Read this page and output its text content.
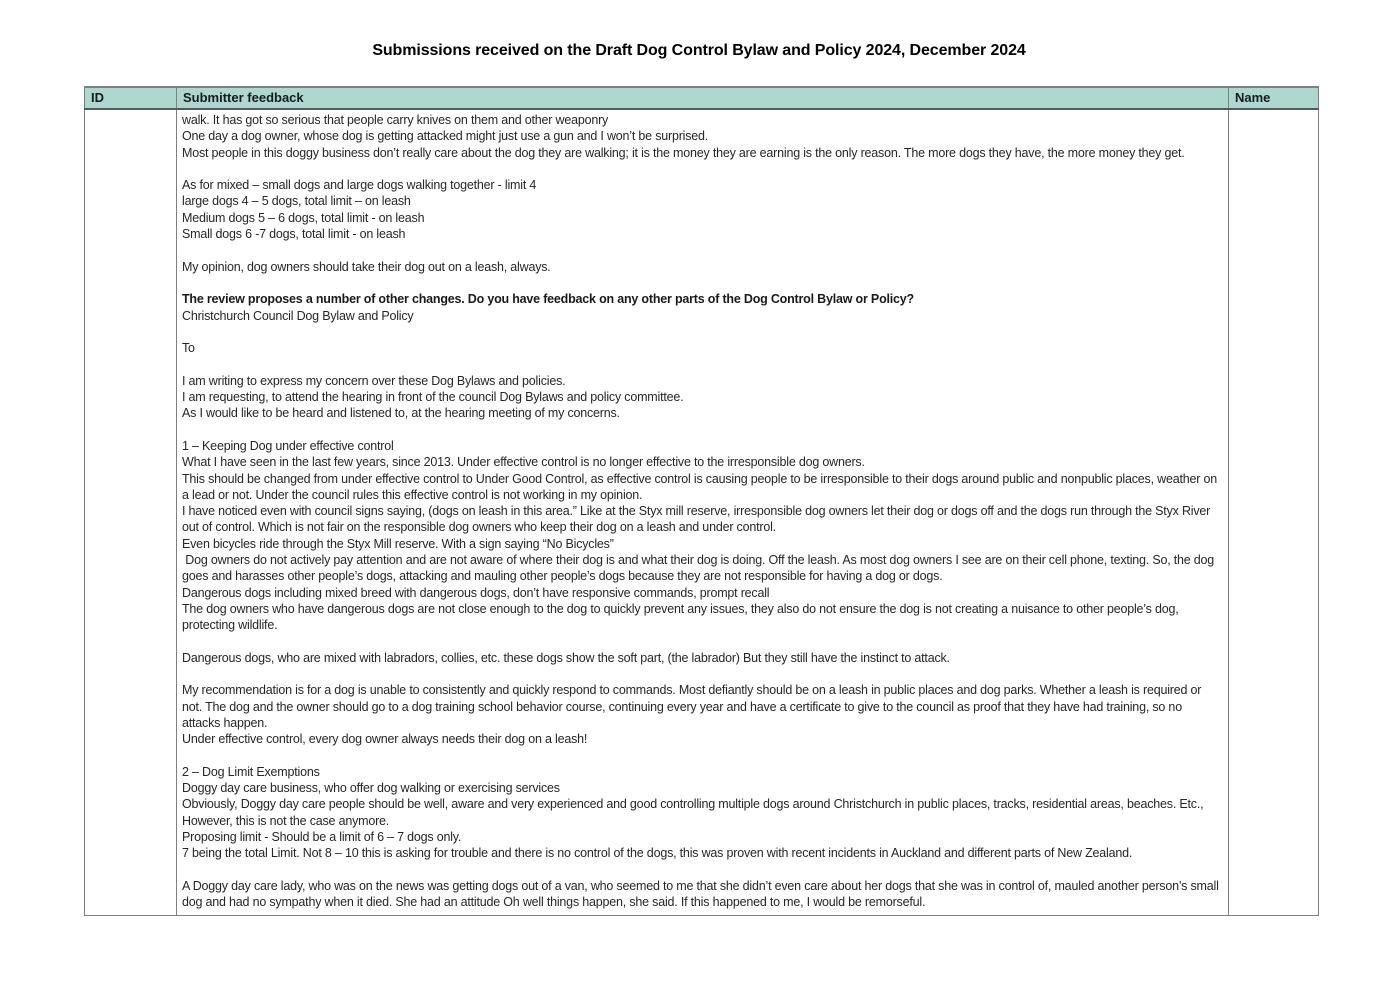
Submissions received on the Draft Dog Control Bylaw and Policy 2024, December 2024
ID	Submitter feedback	Name

walk. It has got so serious that people carry knives on them and other weaponry

One day a dog owner, whose dog is getting attacked might just use a gun and I won’t be surprised.

Most people in this doggy business don’t really care about the dog they are walking; it is the money they are earning is the only reason. The more dogs they have, the more money they get.

As for mixed – small dogs and large dogs walking together - limit 4

large dogs 4 – 5 dogs, total limit – on leash

Medium dogs 5 – 6 dogs, total limit - on leash

Small dogs 6 -7 dogs, total limit - on leash

My opinion, dog owners should take their dog out on a leash, always.

The review proposes a number of other changes. Do you have feedback on any other parts of the Dog Control Bylaw or Policy?

Christchurch Council Dog Bylaw and Policy

To

I am writing to express my concern over these Dog Bylaws and policies.

I am requesting, to attend the hearing in front of the council Dog Bylaws and policy committee.

As I would like to be heard and listened to, at the hearing meeting of my concerns.

1 – Keeping Dog under effective control

What I have seen in the last few years, since 2013. Under effective control is no longer effective to the irresponsible dog owners.

This should be changed from under effective control to Under Good Control, as effective control is causing people to be irresponsible to their dogs around public and nonpublic places, weather on a lead or not. Under the council rules this effective control is not working in my opinion.

I have noticed even with council signs saying, (dogs on leash in this area.” Like at the Styx mill reserve, irresponsible dog owners let their dog or dogs off and the dogs run through the Styx River out of control. Which is not fair on the responsible dog owners who keep their dog on a leash and under control.

Even bicycles ride through the Styx Mill reserve. With a sign saying “No Bicycles”

Dog owners do not actively pay attention and are not aware of where their dog is and what their dog is doing. Off the leash. As most dog owners I see are on their cell phone, texting. So, the dog goes and harasses other people’s dogs, attacking and mauling other people’s dogs because they are not responsible for having a dog or dogs.

Dangerous dogs including mixed breed with dangerous dogs, don’t have responsive commands, prompt recall

The dog owners who have dangerous dogs are not close enough to the dog to quickly prevent any issues, they also do not ensure the dog is not creating a nuisance to other people’s dog, protecting wildlife.

Dangerous dogs, who are mixed with labradors, collies, etc. these dogs show the soft part, (the labrador) But they still have the instinct to attack.

My recommendation is for a dog is unable to consistently and quickly respond to commands. Most defiantly should be on a leash in public places and dog parks. Whether a leash is required or not. The dog and the owner should go to a dog training school behavior course, continuing every year and have a certificate to give to the council as proof that they have had training, so no attacks happen.

Under effective control, every dog owner always needs their dog on a leash!

2 – Dog Limit Exemptions

Doggy day care business, who offer dog walking or exercising services

Obviously, Doggy day care people should be well, aware and very experienced and good controlling multiple dogs around Christchurch in public places, tracks, residential areas, beaches. Etc., However, this is not the case anymore.

Proposing limit - Should be a limit of 6 – 7 dogs only.

7 being the total Limit. Not 8 – 10 this is asking for trouble and there is no control of the dogs, this was proven with recent incidents in Auckland and different parts of New Zealand.

A Doggy day care lady, who was on the news was getting dogs out of a van, who seemed to me that she didn’t even care about her dogs that she was in control of, mauled another person’s small dog and had no sympathy when it died. She had an attitude Oh well things happen, she said. If this happened to me, I would be remorseful.
